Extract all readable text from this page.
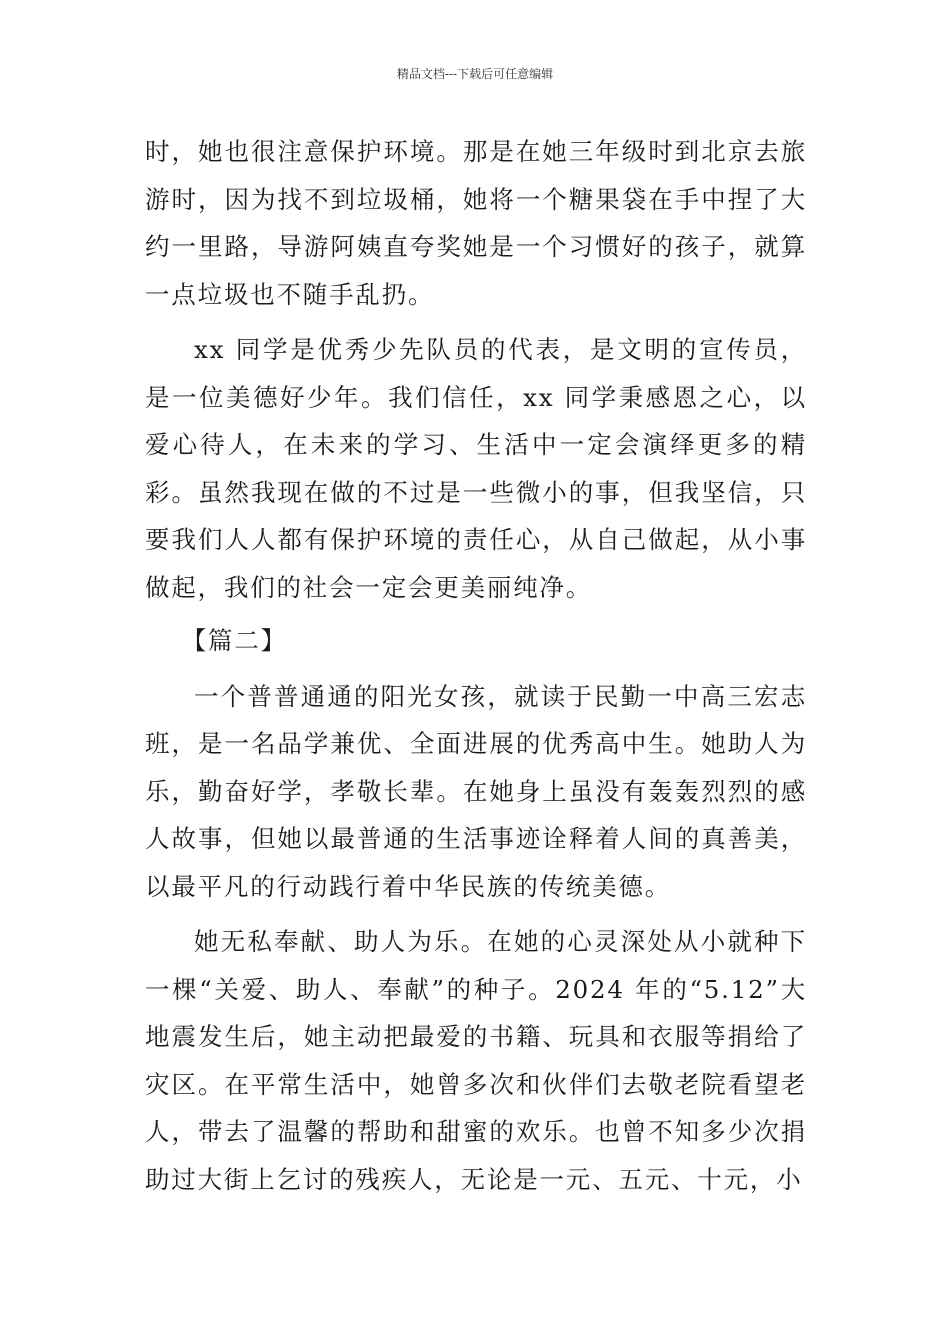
精品文档---下载后可任意编辑

时，她也很注意保护环境。那是在她三年级时到北京去旅游时，因为找不到垃圾桶，她将一个糖果袋在手中捏了大约一里路，导游阿姨直夸奖她是一个习惯好的孩子，就算一点垃圾也不随手乱扔。

xx 同学是优秀少先队员的代表，是文明的宣传员，是一位美德好少年。我们信任，xx 同学秉感恩之心，以爱心待人，在未来的学习、生活中一定会演绎更多的精彩。虽然我现在做的不过是一些微小的事，但我坚信，只要我们人人都有保护环境的责任心，从自己做起，从小事做起，我们的社会一定会更美丽纯净。

【篇二】

一个普普通通的阳光女孩，就读于民勤一中高三宏志班，是一名品学兼优、全面进展的优秀高中生。她助人为乐，勤奋好学，孝敬长辈。在她身上虽没有轰轰烈烈的感人故事，但她以最普通的生活事迹诠释着人间的真善美，以最平凡的行动践行着中华民族的传统美德。

她无私奉献、助人为乐。在她的心灵深处从小就种下一棵“关爱、助人、奉献”的种子。2024 年的“5.12”大地震发生后，她主动把最爱的书籍、玩具和衣服等捐给了灾区。在平常生活中，她曾多次和伙伴们去敬老院看望老人，带去了温馨的帮助和甜蜜的欢乐。也曾不知多少次捐助过大街上乞讨的残疾人，无论是一元、五元、十元，小
